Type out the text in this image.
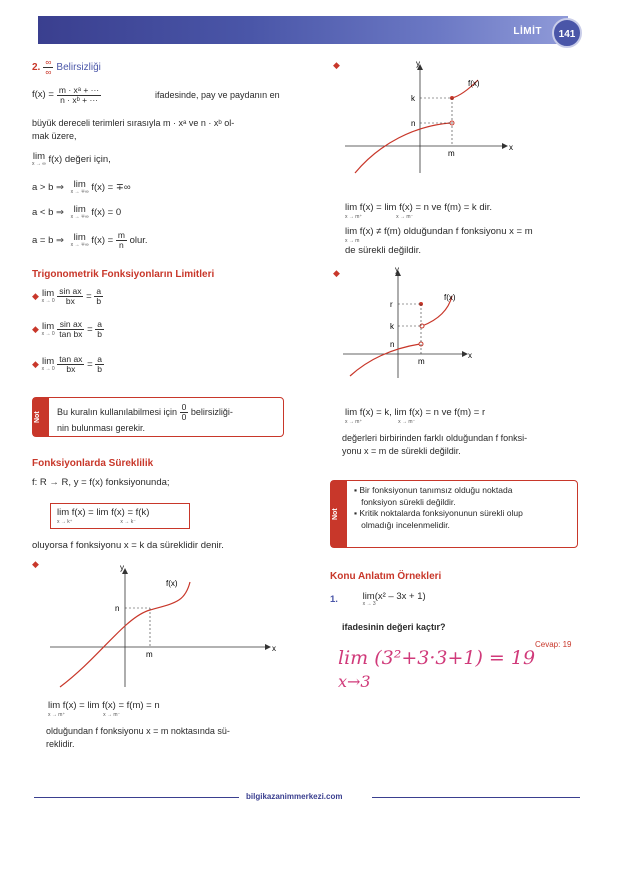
LİMİT	141
2. $\frac{\infty}{\infty}$ Belirsizliği
$f(x) = \frac{\text{m · xᵃ + ···}}{\text{n · xᵇ + ···}}$	ifadesinde, pay ve paydanın en
büyük dereceli terimleri sırasıyla m · xᵃ ve n · xᵇ ol-
mak üzere,
lim
x → ∞ f(x) değeri için,
a > b ⇒	lim
x → ∓∞ f(x) = ∓∞
a < b ⇒	lim
x → ∓∞ f(x) = 0
a = b ⇒	lim
x → ∓∞ $f(x) = \frac{m}{n}$ olur.
Trigonometrik Fonksiyonların Limitleri
◆ lim
x → 0
$\frac{\text{sin ax}}{bx} = \frac{a}{b}$
◆ lim
x → 0
$\frac{\text{sin ax}}{\text{tan bx}} = \frac{a}{b}$
◆ lim
x → 0
$\frac{\text{tan ax}}{bx} = \frac{a}{b}$
Not	Bu kuralın kullanılabilmesi için $\frac{0}{0}$ belirsizliği-
nin bulunması gerekir.
Fonksiyonlarda Süreklilik
f: R → R, y = f(x) fonksiyonunda;
lim f(x) = lim f(x) = f(k)
x → k⁺	x → k⁻
oluyorsa f fonksiyonu x = k da süreklidir denir.
◆	y
x
f(x)
n
m
lim f(x) = lim f(x) = f(m) = n
x → m⁺	x → m⁻
olduğundan f fonksiyonu x = m noktasında sü-
reklidir.
◆	y
x
f(x)
k
n
m
lim f(x) = lim f(x) = n ve f(m) = k dir.
x → m⁺	x → m⁻
lim f(x) ≠ f(m) olduğundan f fonksiyonu x = m
x → m
de sürekli değildir.
◆	y
x
f(x)
r
k
n
m
lim f(x) = k, lim f(x) = n ve f(m) = r
x → m⁺	x → m⁻
değerleri birbirinden farklı olduğundan f fonksi-
yonu x = m de sürekli değildir.
Not
▪ Bir fonksiyonun tanımsız olduğu noktada
fonksiyon sürekli değildir.
▪ Kritik noktalarda fonksiyonunun sürekli olup
olmadığı incelenmelidir.
Konu Anlatım Örnekleri
1.	lim(x² – 3x + 1)
x → 3
ifadesinin değeri kaçtır?
Cevap: 19
lim (3²+3·3+1) = 19
x→3
bilgikazanimmerkezi.com
